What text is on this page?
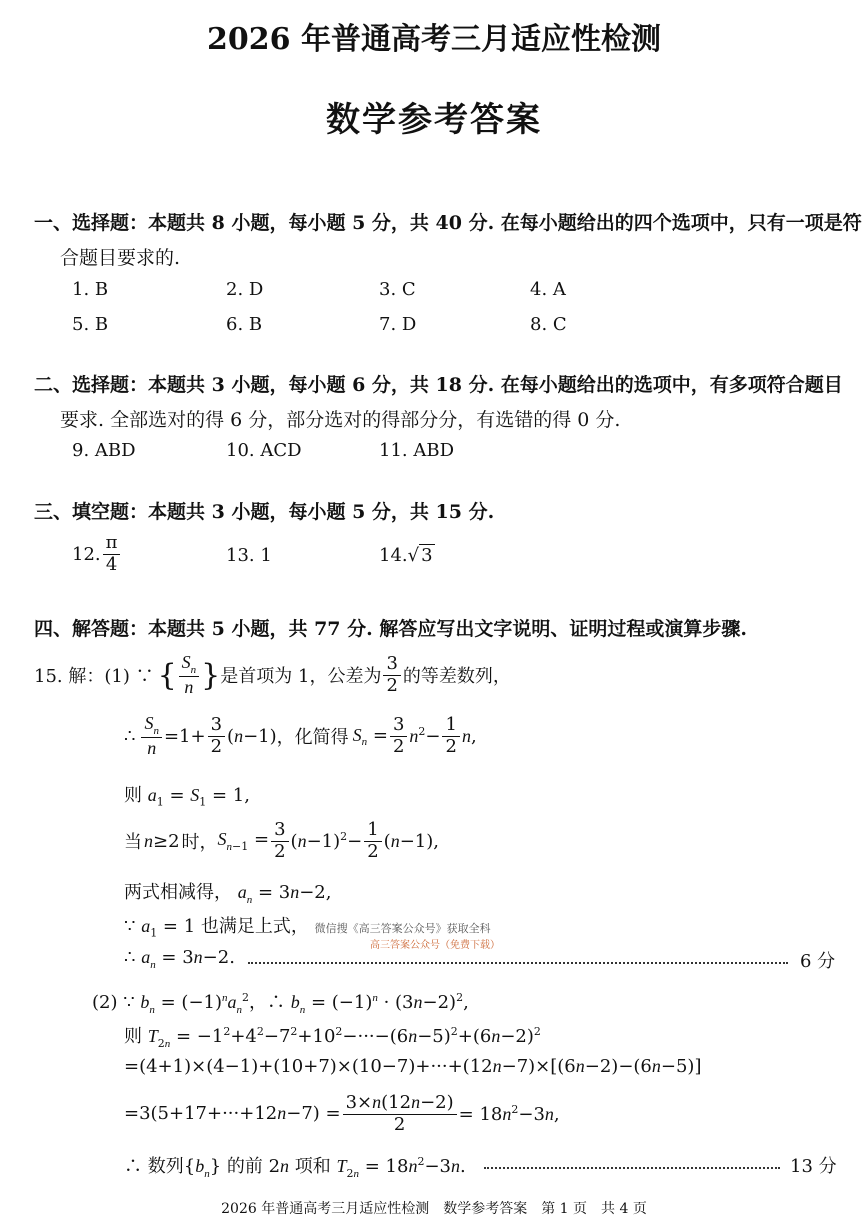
2026 年普通高考三月适应性检测
数学参考答案
一、选择题：本题共 8 小题，每小题 5 分，共 40 分. 在每小题给出的四个选项中，只有一项是符
合题目要求的.
1. B	2. D	3. C	4. A
5. B	6. B	7. D	8. C
二、选择题：本题共 3 小题，每小题 6 分，共 18 分. 在每小题给出的选项中，有多项符合题目
要求. 全部选对的得 6 分，部分选对的得部分分，有选错的得 0 分.
9. ABD	10. ACD	11. ABD
三、填空题：本题共 3 小题，每小题 5 分，共 15 分.
12. $\frac{\pi}{4}$	13. 1	14.√ 3
四、解答题：本题共 5 小题，共 77 分. 解答应写出文字说明、证明过程或演算步骤.
15. 解：(1) ∵ { $\frac{S_n}{n}$ } 是首项为 1，公差为 $\frac{3}{2}$ 的等差数列，
∴ $\frac{S_n}{n} =1+ \frac{3}{2} (n-1)$ ，化简得 $S_n = \frac{3}{2} n^2- \frac{1}{2} n$,
则 $a_1 = S_1 = 1$,
当 n≥2 时， $S_{n-1} = \frac{3}{2} (n-1)^2- \frac{1}{2} (n-1)$,
两式相减得， $a_n = 3n-2$,
∵ $a_1 = 1$ 也满足上式， 微信搜《高三答案公众号》获取全科
高三答案公众号（免费下载）
∴ $a_n = 3n-2$.	6 分
(2) ∵ $b_n = (-1)^na_n^2$，∴ $b_n = (-1)^n \cdot (3n-2)^2$,
则 $T_{2n} = -1^2+4^2-7^2+10^2-\cdot\cdot\cdot-(6n-5)^2+(6n-2)^2$
=(4+1)×(4−1)+(10+7)×(10−7)+···+(12n−7)×[(6n−2)−(6n−5)]
$=3(5+17+\cdot\cdot\cdot+12n-7) = \frac{3\times n(12n-2)}{2} = 18n^2-3n$,
∴ 数列$\{b_n\}$ 的前 2n 项和 $T_{2n} = 18n^2-3n$.	13 分
2026 年普通高考三月适应性检测　数学参考答案　第 1 页　共 4 页
